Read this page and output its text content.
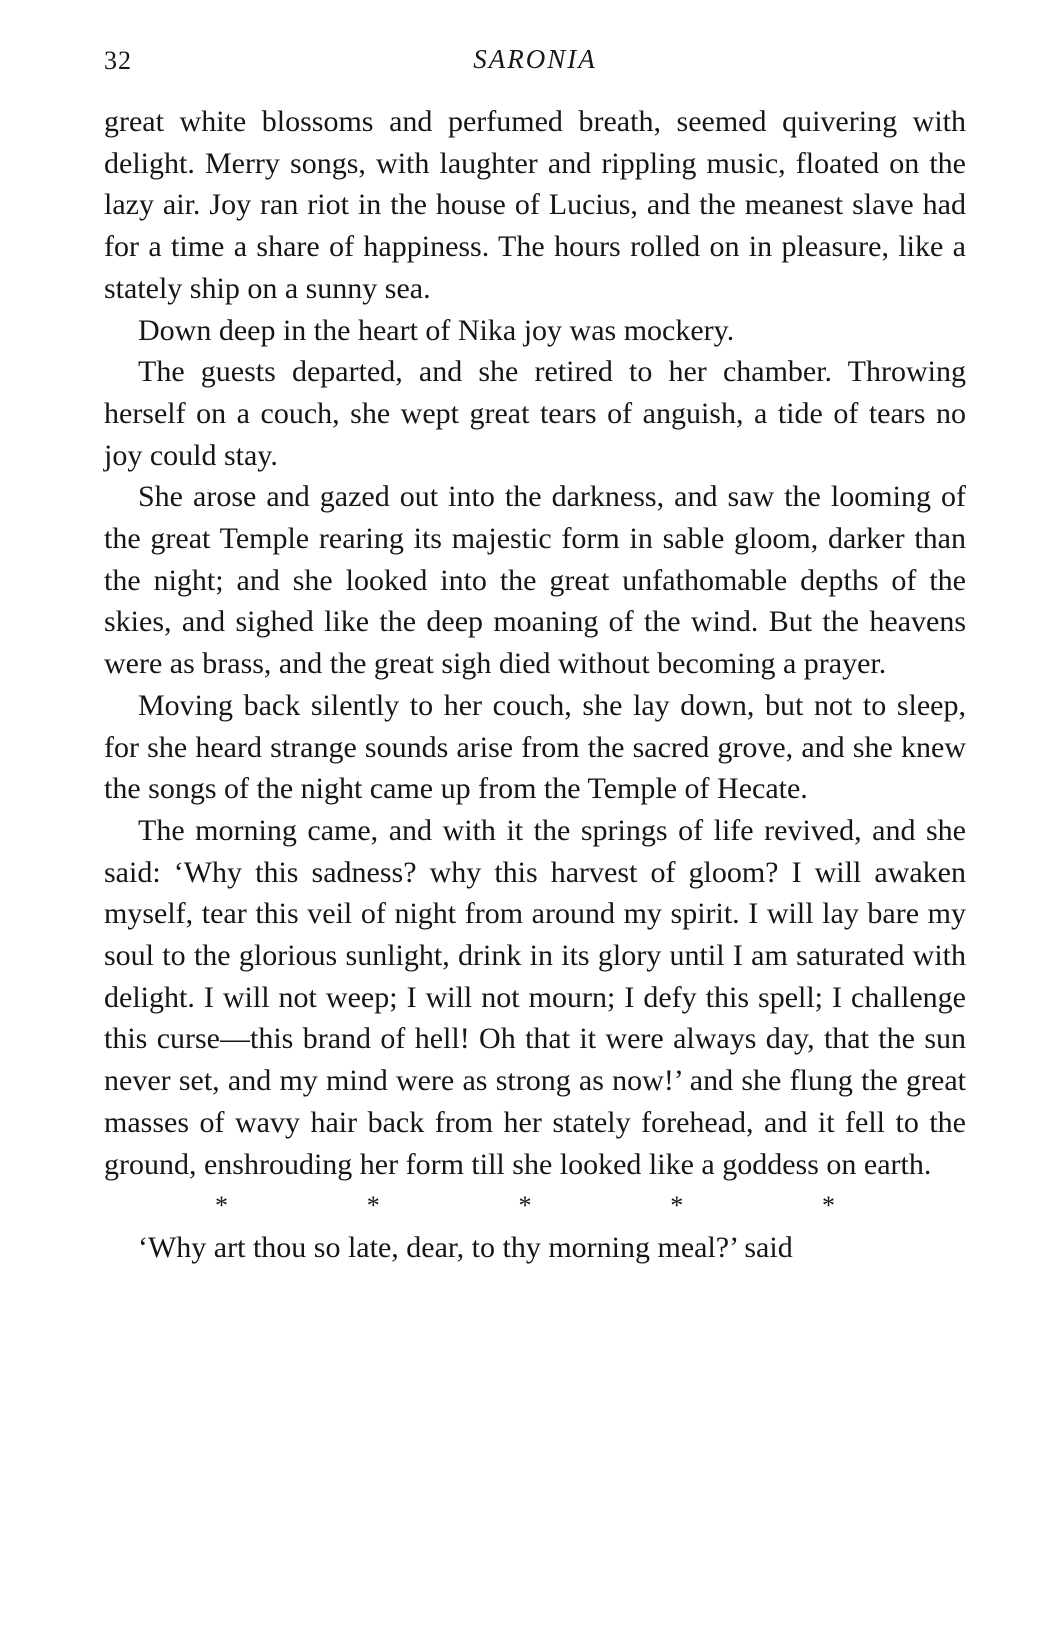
32	SARONIA

great white blossoms and perfumed breath, seemed quivering with delight. Merry songs, with laughter and rippling music, floated on the lazy air. Joy ran riot in the house of Lucius, and the meanest slave had for a time a share of happiness. The hours rolled on in pleasure, like a stately ship on a sunny sea.

Down deep in the heart of Nika joy was mockery.

The guests departed, and she retired to her chamber. Throwing herself on a couch, she wept great tears of anguish, a tide of tears no joy could stay.

She arose and gazed out into the darkness, and saw the looming of the great Temple rearing its majestic form in sable gloom, darker than the night; and she looked into the great unfathomable depths of the skies, and sighed like the deep moaning of the wind. But the heavens were as brass, and the great sigh died without becoming a prayer.

Moving back silently to her couch, she lay down, but not to sleep, for she heard strange sounds arise from the sacred grove, and she knew the songs of the night came up from the Temple of Hecate.

The morning came, and with it the springs of life revived, and she said: ‘Why this sadness? why this harvest of gloom? I will awaken myself, tear this veil of night from around my spirit. I will lay bare my soul to the glorious sunlight, drink in its glory until I am saturated with delight. I will not weep; I will not mourn; I defy this spell; I challenge this curse—this brand of hell! Oh that it were always day, that the sun never set, and my mind were as strong as now!’ and she flung the great masses of wavy hair back from her stately forehead, and it fell to the ground, enshrouding her form till she looked like a goddess on earth.

*	*	*	*	*

‘Why art thou so late, dear, to thy morning meal?’ said
